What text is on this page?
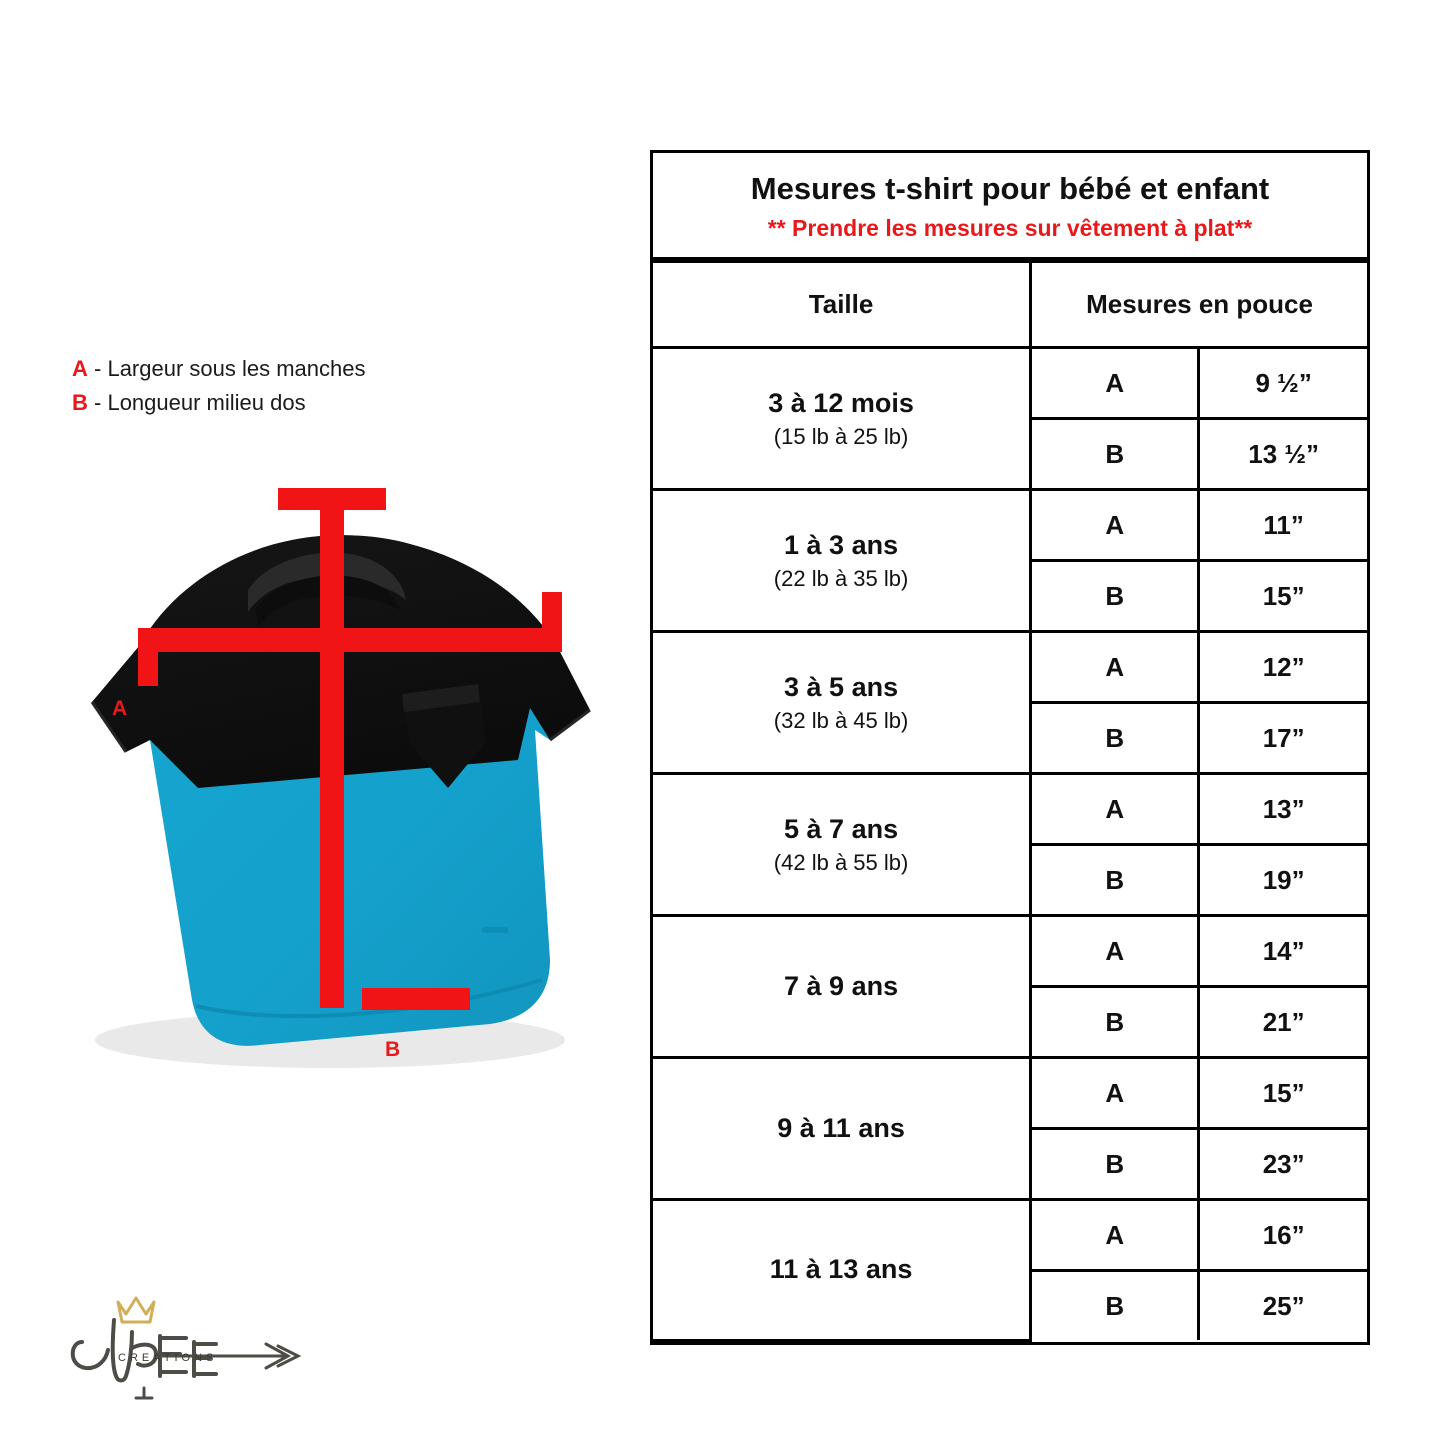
A - Largeur sous les manches
B - Longueur milieu dos
A
B
CREATIONS
Mesures t-shirt pour bébé et enfant
** Prendre les mesures sur vêtement à plat**
Taille	Mesures en pouce	

3 à 12 mois
(15 lb à 25 lb)	A	9 ½”
	B	13 ½”

1 à 3 ans
(22 lb à 35 lb)	A	11”
	B	15”

3 à 5 ans
(32 lb à 45 lb)	A	12”
	B	17”

5 à 7 ans
(42 lb à 55 lb)	A	13”
	B	19”

7 à 9 ans	A	14”
	B	21”

9 à 11 ans	A	15”
	B	23”

11 à 13 ans	A	16”
	B	25”
